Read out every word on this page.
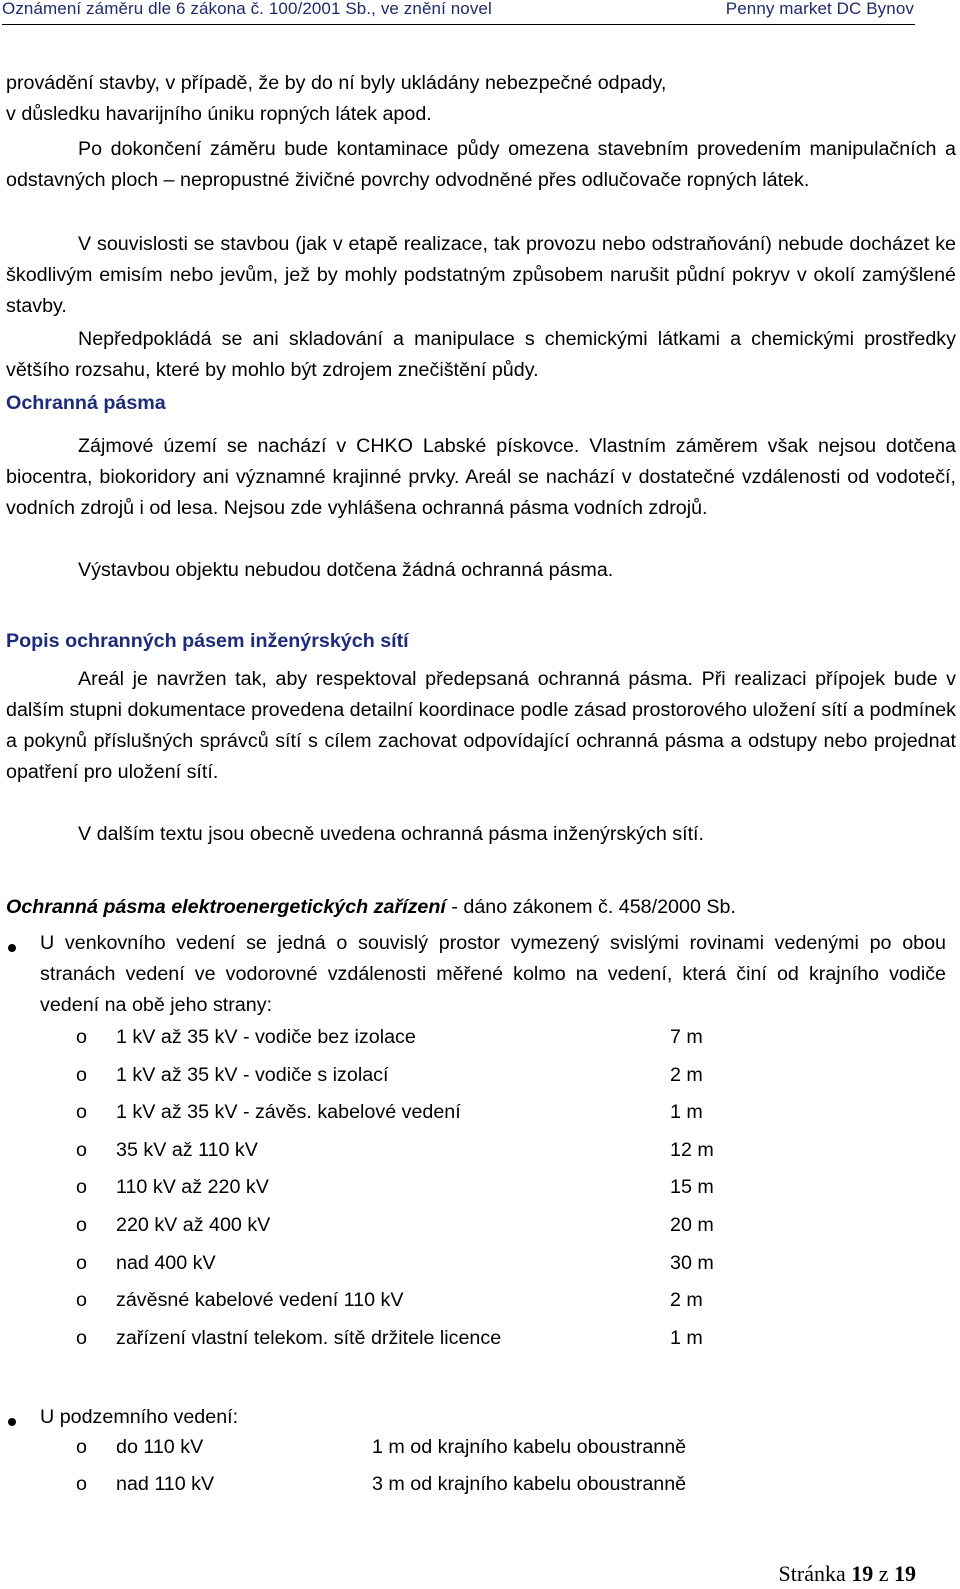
Oznámení záměru dle 6 zákona č. 100/2001 Sb., ve znění novel	Penny market DC Bynov
provádění stavby, v případě, že by do ní byly ukládány nebezpečné odpady,
v důsledku havarijního úniku ropných látek apod.

Po dokončení záměru bude kontaminace půdy omezena stavebním provedením manipulačních a odstavných ploch – nepropustné živičné povrchy odvodněné přes odlučovače ropných látek.

V souvislosti se stavbou (jak v etapě realizace, tak provozu nebo odstraňování) nebude docházet ke škodlivým emisím nebo jevům, jež by mohly podstatným způsobem narušit půdní pokryv v okolí zamýšlené stavby.

Nepředpokládá se ani skladování a manipulace s chemickými látkami a chemickými prostředky většího rozsahu, které by mohlo být zdrojem znečištění půdy.

Ochranná pásma

Zájmové území se nachází v CHKO Labské pískovce. Vlastním záměrem však nejsou dotčena biocentra, biokoridory ani významné krajinné prvky. Areál se nachází v dostatečné vzdálenosti od vodotečí, vodních zdrojů i od lesa. Nejsou zde vyhlášena ochranná pásma vodních zdrojů.

Výstavbou objektu nebudou dotčena žádná ochranná pásma.
Popis ochranných pásem inženýrských sítí

Areál je navržen tak, aby respektoval předepsaná ochranná pásma. Při realizaci přípojek bude v dalším stupni dokumentace provedena detailní koordinace podle zásad prostorového uložení sítí a podmínek a pokynů příslušných správců sítí s cílem zachovat odpovídající ochranná pásma a odstupy nebo projednat opatření pro uložení sítí.

V dalším textu jsou obecně uvedena ochranná pásma inženýrských sítí.
Ochranná pásma elektroenergetických zařízení - dáno zákonem č. 458/2000 Sb.

U venkovního vedení se jedná o souvislý prostor vymezený svislými rovinami vedenými po obou stranách vedení ve vodorovné vzdálenosti měřené kolmo na vedení, která činí od krajního vodiče vedení na obě jeho strany:

o 1 kV až 35 kV - vodiče bez izolace	7 m
o 1 kV až 35 kV - vodiče s izolací	2 m
o 1 kV až 35 kV - závěs. kabelové vedení	1 m
o 35 kV až 110 kV	12 m
o 110 kV až 220 kV	15 m
o 220 kV až 400 kV	20 m
o nad 400 kV	30 m
o závěsné kabelové vedení 110 kV	2 m
o zařízení vlastní telekom. sítě držitele licence	1 m
U podzemního vedení:
o do 110 kV	1 m od krajního kabelu oboustranně
o nad 110 kV	3 m od krajního kabelu oboustranně
Stránka 19 z 19
